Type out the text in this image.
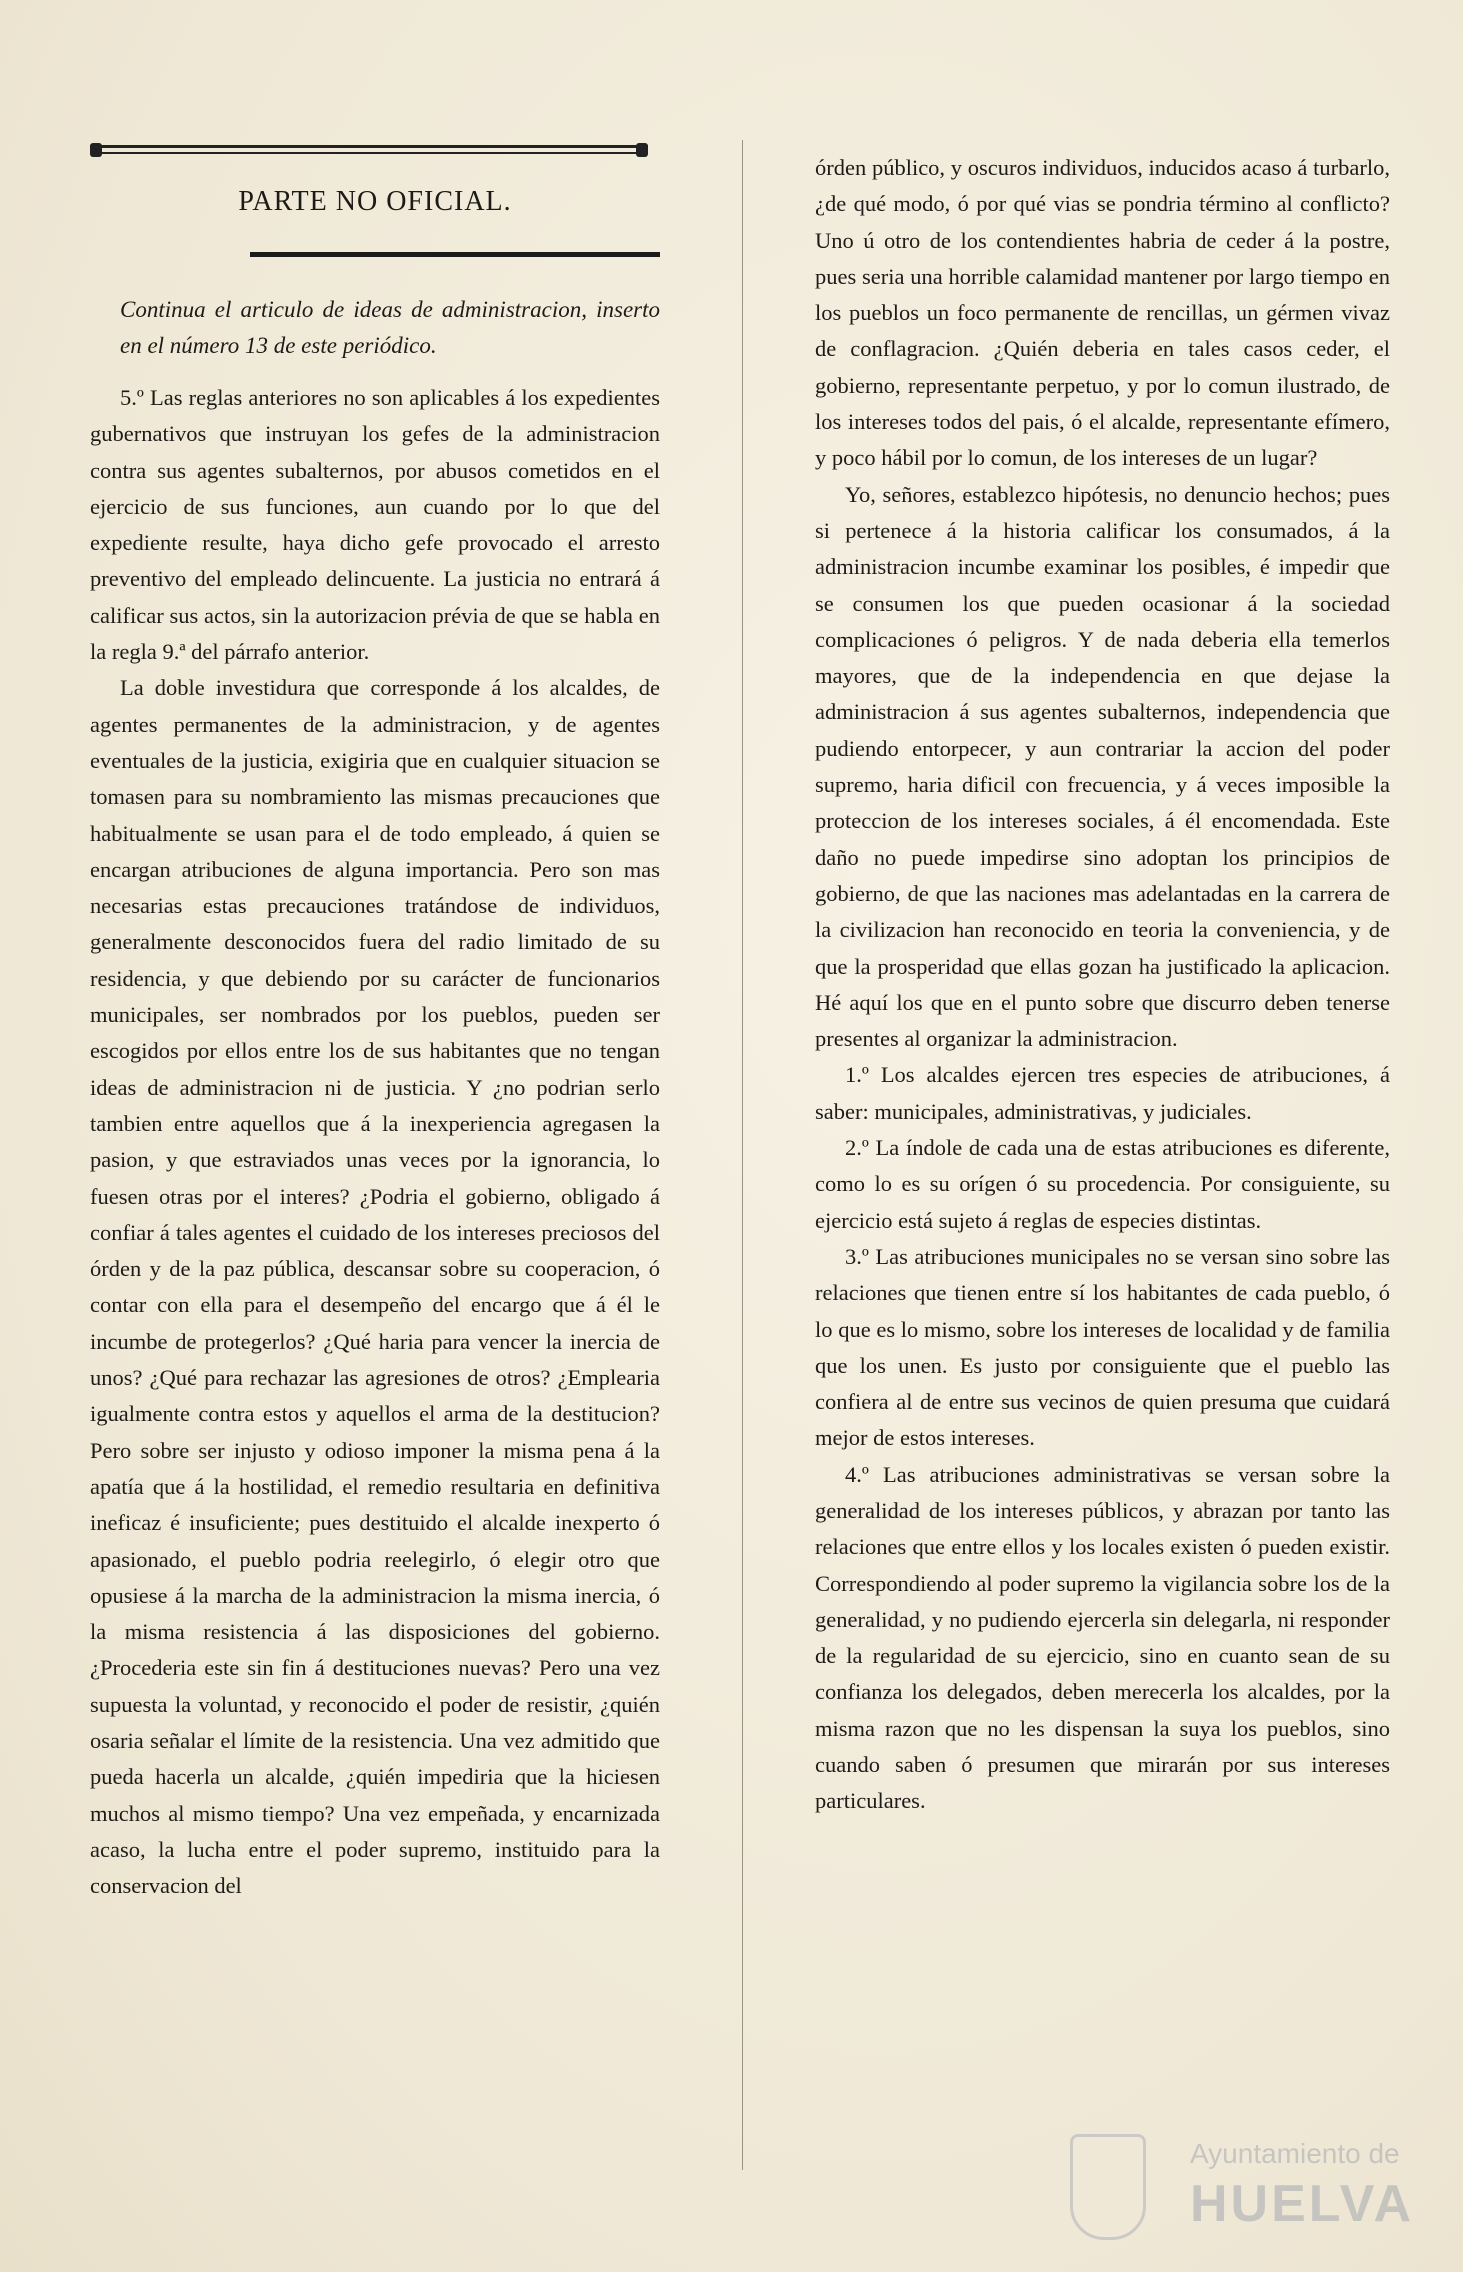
PARTE NO OFICIAL.
Continua el articulo de ideas de administracion, inserto en el número 13 de este periódico.

5.º Las reglas anteriores no son aplicables á los expedientes gubernativos que instruyan los gefes de la administracion contra sus agentes subalternos, por abusos cometidos en el ejercicio de sus funciones, aun cuando por lo que del expediente resulte, haya dicho gefe provocado el arresto preventivo del empleado delincuente. La justicia no entrará á calificar sus actos, sin la autorizacion prévia de que se habla en la regla 9.ª del párrafo anterior.

La doble investidura que corresponde á los alcaldes, de agentes permanentes de la administracion, y de agentes eventuales de la justicia, exigiria que en cualquier situacion se tomasen para su nombramiento las mismas precauciones que habitualmente se usan para el de todo empleado, á quien se encargan atribuciones de alguna importancia. Pero son mas necesarias estas precauciones tratándose de individuos, generalmente desconocidos fuera del radio limitado de su residencia, y que debiendo por su carácter de funcionarios municipales, ser nombrados por los pueblos, pueden ser escogidos por ellos entre los de sus habitantes que no tengan ideas de administracion ni de justicia. Y ¿no podrian serlo tambien entre aquellos que á la inexperiencia agregasen la pasion, y que estraviados unas veces por la ignorancia, lo fuesen otras por el interes? ¿Podria el gobierno, obligado á confiar á tales agentes el cuidado de los intereses preciosos del órden y de la paz pública, descansar sobre su cooperacion, ó contar con ella para el desempeño del encargo que á él le incumbe de protegerlos? ¿Qué haria para vencer la inercia de unos? ¿Qué para rechazar las agresiones de otros? ¿Emplearia igualmente contra estos y aquellos el arma de la destitucion? Pero sobre ser injusto y odioso imponer la misma pena á la apatía que á la hostilidad, el remedio resultaria en definitiva ineficaz é insuficiente; pues destituido el alcalde inexperto ó apasionado, el pueblo podria reelegirlo, ó elegir otro que opusiese á la marcha de la administracion la misma inercia, ó la misma resistencia á las disposiciones del gobierno. ¿Procederia este sin fin á destituciones nuevas? Pero una vez supuesta la voluntad, y reconocido el poder de resistir, ¿quién osaria señalar el límite de la resistencia. Una vez admitido que pueda hacerla un alcalde, ¿quién impediria que la hiciesen muchos al mismo tiempo? Una vez empeñada, y encarnizada acaso, la lucha entre el poder supremo, instituido para la conservacion del

órden público, y oscuros individuos, inducidos acaso á turbarlo, ¿de qué modo, ó por qué vias se pondria término al conflicto? Uno ú otro de los contendientes habria de ceder á la postre, pues seria una horrible calamidad mantener por largo tiempo en los pueblos un foco permanente de rencillas, un gérmen vivaz de conflagracion. ¿Quién deberia en tales casos ceder, el gobierno, representante perpetuo, y por lo comun ilustrado, de los intereses todos del pais, ó el alcalde, representante efímero, y poco hábil por lo comun, de los intereses de un lugar?

Yo, señores, establezco hipótesis, no denuncio hechos; pues si pertenece á la historia calificar los consumados, á la administracion incumbe examinar los posibles, é impedir que se consumen los que pueden ocasionar á la sociedad complicaciones ó peligros. Y de nada deberia ella temerlos mayores, que de la independencia en que dejase la administracion á sus agentes subalternos, independencia que pudiendo entorpecer, y aun contrariar la accion del poder supremo, haria dificil con frecuencia, y á veces imposible la proteccion de los intereses sociales, á él encomendada. Este daño no puede impedirse sino adoptan los principios de gobierno, de que las naciones mas adelantadas en la carrera de la civilizacion han reconocido en teoria la conveniencia, y de que la prosperidad que ellas gozan ha justificado la aplicacion. Hé aquí los que en el punto sobre que discurro deben tenerse presentes al organizar la administracion.

1.º Los alcaldes ejercen tres especies de atribuciones, á saber: municipales, administrativas, y judiciales.

2.º La índole de cada una de estas atribuciones es diferente, como lo es su orígen ó su procedencia. Por consiguiente, su ejercicio está sujeto á reglas de especies distintas.

3.º Las atribuciones municipales no se versan sino sobre las relaciones que tienen entre sí los habitantes de cada pueblo, ó lo que es lo mismo, sobre los intereses de localidad y de familia que los unen. Es justo por consiguiente que el pueblo las confiera al de entre sus vecinos de quien presuma que cuidará mejor de estos intereses.

4.º Las atribuciones administrativas se versan sobre la generalidad de los intereses públicos, y abrazan por tanto las relaciones que entre ellos y los locales existen ó pueden existir. Correspondiendo al poder supremo la vigilancia sobre los de la generalidad, y no pudiendo ejercerla sin delegarla, ni responder de la regularidad de su ejercicio, sino en cuanto sean de su confianza los delegados, deben merecerla los alcaldes, por la misma razon que no les dispensan la suya los pueblos, sino cuando saben ó presumen que mirarán por sus intereses particulares.

Ayuntamiento de
HUELVA
